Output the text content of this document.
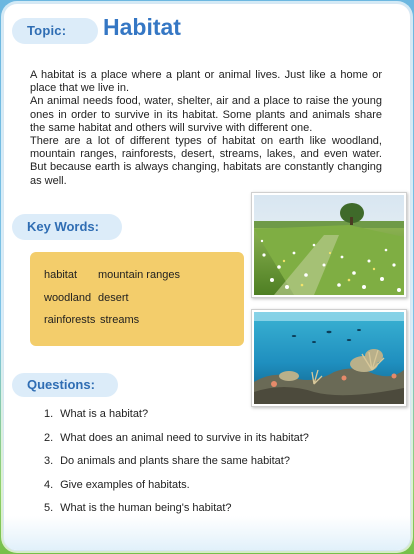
Topic: Habitat

A habitat is a place where a plant or animal lives. Just like a home or place that we live in.

An animal needs food, water, shelter, air and a place to raise the young ones in order to survive in its habitat. Some plants and animals share the same habitat and others will survive with different one.

There are a lot of different types of habitat on earth like woodland, mountain ranges, rainforests, desert, streams, lakes, and even water. But because earth is always changing, habitats are constantly changing as well.

Key Words:
habitat mountain ranges
woodland desert
rainforests streams
Questions:
1. What is a habitat?
2. What does an animal need to survive in its habitat?
3. Do animals and plants share the same habitat?
4. Give examples of habitats.
5. What is the human being's habitat?
